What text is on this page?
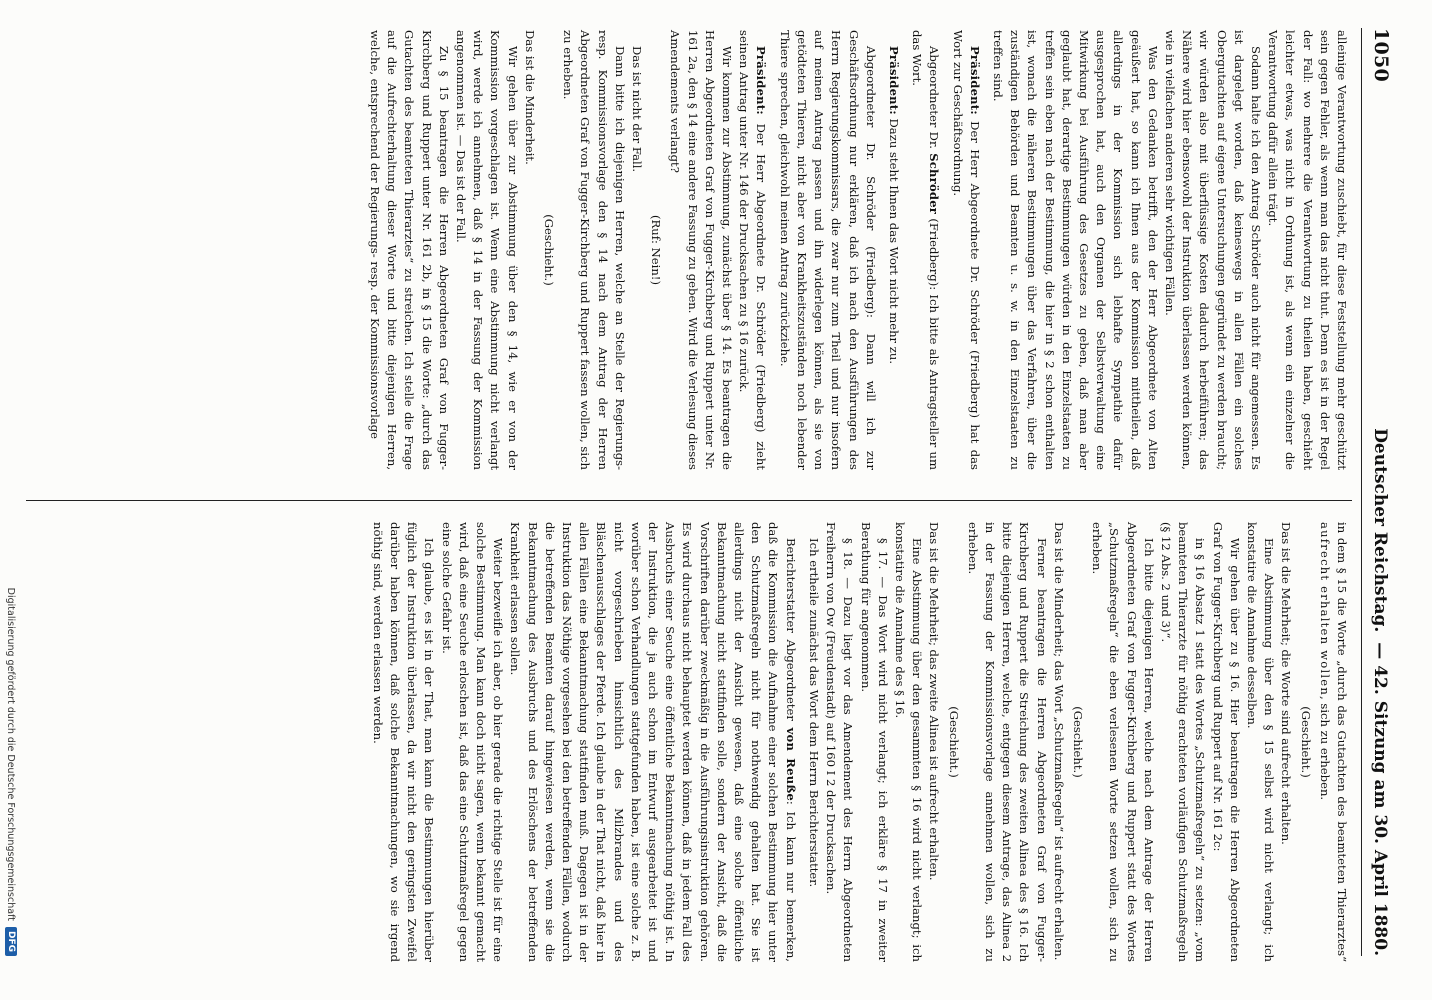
1050
Deutscher Reichstag.
— 42. Sitzung am 30. April 1880.

alleinige Verantwortung zuschiebt, für diese Feststellung mehr geschützt sein gegen Fehler, als wenn man das nicht thut. Denn es ist in der Regel der Fall: wo mehrere die Verantwortung zu theilen haben, geschieht leichter etwas, was nicht in Ordnung ist, als wenn ein einzelner die Verantwortung dafür allein trägt.

Sodann halte ich den Antrag Schröder auch nicht für angemessen. Es ist dargelegt worden, daß keineswegs in allen Fällen ein solches Obergutachten auf eigene Untersuchungen gegründet zu werden braucht; wir würden also mit überflüssige Kosten dadurch herbeiführen; das Nähere wird hier ebensowohl der Instruktion überlassen werden können, wie in vielfachen anderen sehr wichtigen Fällen.

Was den Gedanken betrifft, den der Herr Abgeordnete von Alten geäußert hat, so kann ich Ihnen aus der Kommission mittheilen, daß allerdings in der Kommission sich lebhafte Sympathie dafür ausgesprochen hat, auch den Organen der Selbstverwaltung eine Mitwirkung bei Ausführung des Gesetzes zu geben, daß man aber geglaubt hat, derartige Bestimmungen würden in den Einzelstaaten zu treffen sein eben nach der Bestimmung, die hier in § 2 schon enthalten ist, wonach die näheren Bestimmungen über das Verfahren, über die zuständigen Behörden und Beamten u. s. w. in den Einzelstaaten zu treffen sind.

Präsident: Der Herr Abgeordnete Dr. Schröder (Friedberg) hat das Wort zur Geschäftsordnung.

Abgeordneter Dr. Schröder (Friedberg): Ich bitte als Antragsteller um das Wort.

Präsident: Dazu steht Ihnen das Wort nicht mehr zu.

Abgeordneter Dr. Schröder (Friedberg): Dann will ich zur Geschäftsordnung nur erklären, daß ich nach den Ausführungen des Herrn Regierungskommissars, die zwar nur zum Theil und nur insofern auf meinen Antrag passen und ihn widerlegen können, als sie von getödteten Thieren, nicht aber von Krankheitszuständen noch lebender Thiere sprechen, gleichwohl meinen Antrag zurückziehe.

Präsident: Der Herr Abgeordnete Dr. Schröder (Friedberg) zieht seinen Antrag unter Nr. 146 der Drucksachen zu § 16 zurück.

Wir kommen zur Abstimmung, zunächst über § 14. Es beantragen die Herren Abgeordneten Graf von Fugger-Kirchberg und Ruppert unter Nr. 161 2a, den § 14 eine andere Fassung zu geben. Wird die Verlesung dieses Amendements verlangt?

(Ruf: Nein!)

Das ist nicht der Fall.

Dann bitte ich diejenigen Herren, welche an Stelle der Regierungs- resp. Kommissionsvorlage den § 14 nach dem Antrag der Herren Abgeordneten Graf von Fugger-Kirchberg und Ruppert fassen wollen, sich zu erheben.

(Geschieht.)

Das ist die Minderheit.

Wir gehen über zur Abstimmung über den § 14, wie er von der Kommission vorgeschlagen ist. Wenn eine Abstimmung nicht verlangt wird, werde ich annehmen, daß § 14 in der Fassung der Kommission angenommen ist. — Das ist der Fall.

Zu § 15 beantragen die Herren Abgeordneten Graf von Fugger-Kirchberg und Ruppert unter Nr. 161 2b, in § 15 die Worte: „durch das Gutachten des beamteten Thierarztes“ zu streichen. Ich stelle die Frage auf die Aufrechterhaltung dieser Worte und bitte diejenigen Herren, welche, entsprechend der Regierungs- resp. der Kommissionsvorlage

in dem § 15 die Worte „durch das Gutachten des beamteten Thierarztes“ aufrecht erhalten wollen, sich zu erheben.

(Geschieht.)

Das ist die Mehrheit; die Worte sind aufrecht erhalten.

Eine Abstimmung über den § 15 selbst wird nicht verlangt; ich konstatire die Annahme desselben.

Wir gehen über zu § 16. Hier beantragen die Herren Abgeordneten Graf von Fugger-Kirchberg und Ruppert auf Nr. 161 2c:

in § 16 Absatz 1 statt des Wortes „Schutzmaßregeln“ zu setzen: „vom beamteten Thierarzte für nöthig erachteten vorläufigen Schutzmaßregeln (§ 12 Abs. 2 und 3)“.

Ich bitte diejenigen Herren, welche nach dem Antrage der Herren Abgeordneten Graf von Fugger-Kirchberg und Ruppert statt des Wortes „Schutzmaßregeln“ die eben verlesenen Worte setzen wollen, sich zu erheben.

(Geschieht.)

Das ist die Minderheit; das Wort „Schutzmaßregeln“ ist aufrecht erhalten.

Ferner beantragen die Herren Abgeordneten Graf von Fugger-Kirchberg und Ruppert die Streichung des zweiten Alinea des § 16. Ich bitte diejenigen Herren, welche, entgegen diesem Antrage, das Alinea 2 in der Fassung der Kommissionsvorlage annehmen wollen, sich zu erheben.

(Geschieht.)

Das ist die Mehrheit; das zweite Alinea ist aufrecht erhalten.

Eine Abstimmung über den gesammten § 16 wird nicht verlangt; ich konstatire die Annahme des § 16.

§ 17. — Das Wort wird nicht verlangt; ich erkläre § 17 in zweiter Berathung für angenommen.

§ 18. — Dazu liegt vor das Amendement des Herrn Abgeordneten Freiherrn von Ow (Freudenstadt) auf 160 I 2 der Drucksachen.

Ich ertheile zunächst das Wort dem Herrn Berichterstatter.

Berichterstatter Abgeordneter von Reuße: Ich kann nur bemerken, daß die Kommission die Aufnahme einer solchen Bestimmung hier unter den Schutzmaßregeln nicht für nothwendig gehalten hat. Sie ist allerdings nicht der Ansicht gewesen, daß eine solche öffentliche Bekanntmachung nicht stattfinden solle, sondern der Ansicht, daß die Vorschriften darüber zweckmäßig in die Ausführungsinstruktion gehören. Es wird durchaus nicht behauptet werden können, daß in jedem Fall des Ausbruchs einer Seuche eine öffentliche Bekanntmachung nöthig ist. In der Instruktion, die ja auch schon im Entwurf ausgearbeitet ist und worüber schon Verhandlungen stattgefunden haben, ist eine solche z. B. nicht vorgeschrieben hinsichtlich des Milzbrandes und des Bläschenausschlages der Pferde. Ich glaube in der That nicht, daß hier in allen Fällen eine Bekanntmachung stattfinden muß. Dagegen ist in der Instruktion das Nöthige vorgesehen bei den betreffenden Fällen, wodurch die betreffenden Beamten darauf hingewiesen werden, wenn sie die Bekanntmachung des Ausbruchs und des Erlöschens der betreffenden Krankheit erlassen sollen.

Weiter bezweifle ich aber, ob hier gerade die richtige Stelle ist für eine solche Bestimmung. Man kann doch nicht sagen, wenn bekannt gemacht wird, daß eine Seuche erloschen ist, daß das eine Schutzmaßregel gegen eine solche Gefahr ist.

Ich glaube, es ist in der That, man kann die Bestimmungen hierüber füglich der Instruktion überlassen, da wir nicht den geringsten Zweifel darüber haben können, daß solche Bekanntmachungen, wo sie irgend nöthig sind, werden erlassen werden.

Digitalisierung gefördert durch die Deutsche Forschungsgemeinschaft
DFG
